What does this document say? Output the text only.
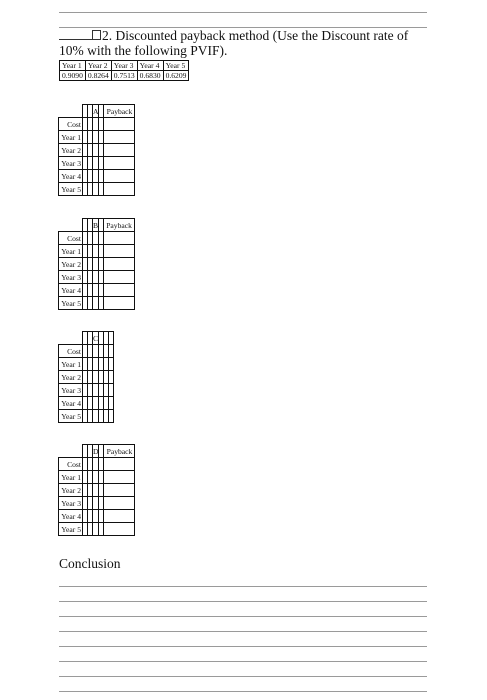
2. Discounted payback method (Use the Discount rate of
10% with the following PVIF).
Year 1	Year 2	Year 3	Year 4	Year 5
0.9090	0.8264	0.7513	0.6830	0.6209
			A		Payback
Cost					
Year 1					
Year 2					
Year 3					
Year 4					
Year 5					
			B		Payback
Cost					
Year 1					
Year 2					
Year 3					
Year 4					
Year 5					
			C			
Cost						
Year 1						
Year 2						
Year 3						
Year 4						
Year 5						
			D		Payback
Cost					
Year 1					
Year 2					
Year 3					
Year 4					
Year 5					
Conclusion
